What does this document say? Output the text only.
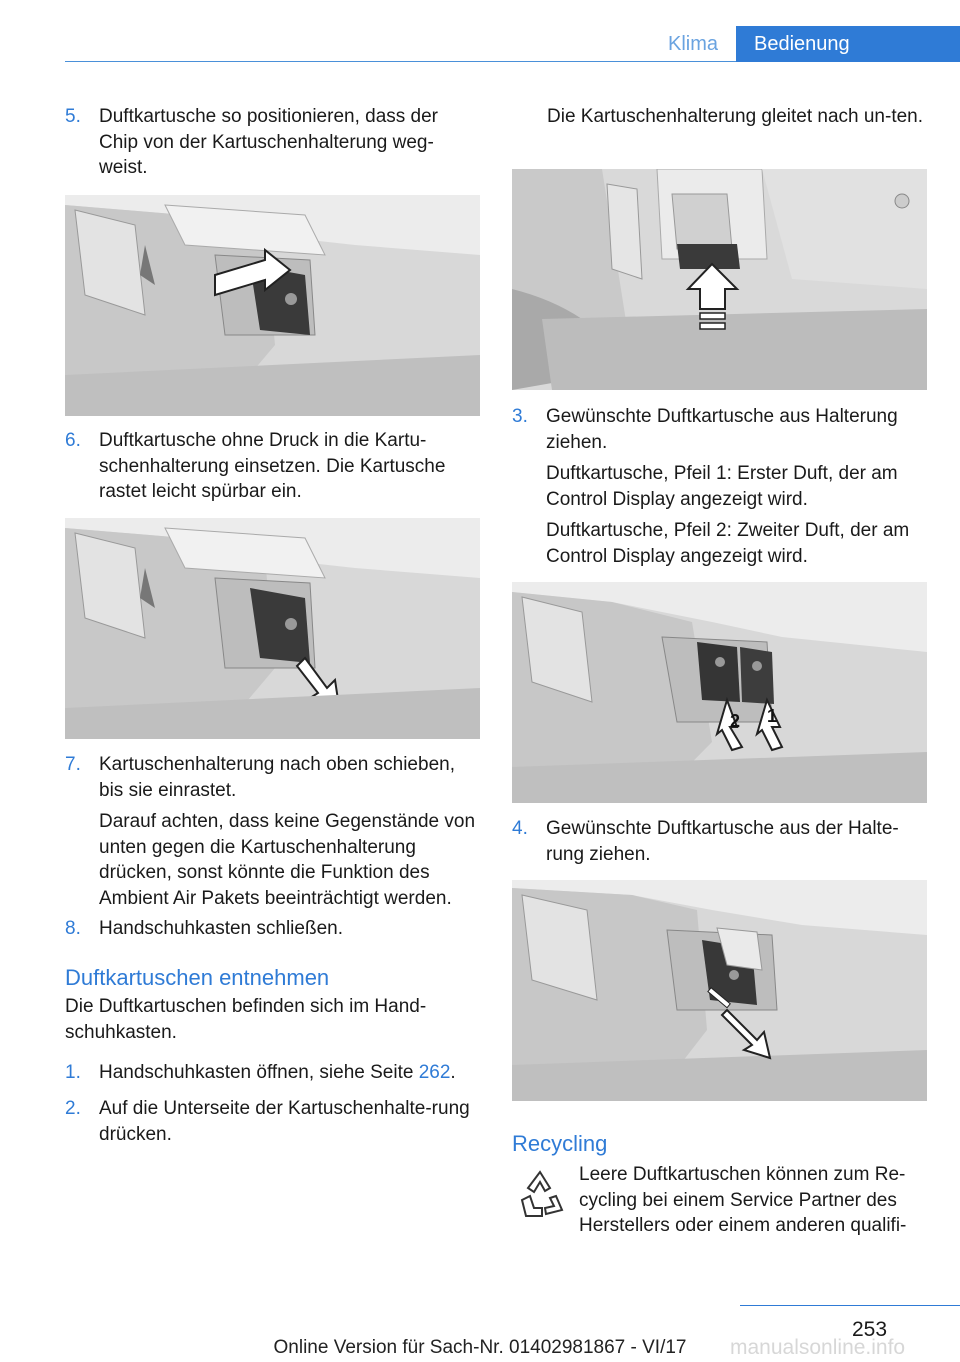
Klima	Bedienung
5. Duftkartusche so positionieren, dass der Chip von der Kartuschenhalterung weg‐weist.
6. Duftkartusche ohne Druck in die Kartu‐schenhalterung einsetzen. Die Kartusche rastet leicht spürbar ein.
7. Kartuschenhalterung nach oben schieben, bis sie einrastet.
Darauf achten, dass keine Gegenstände von unten gegen die Kartuschenhalterung drücken, sonst könnte die Funktion des Ambient Air Pakets beeinträchtigt werden.
8. Handschuhkasten schließen.
Duftkartuschen entnehmen
Die Duftkartuschen befinden sich im Hand‐schuhkasten.
1. Handschuhkasten öffnen, siehe Seite 262.
2. Auf die Unterseite der Kartuschenhalte‐rung drücken.
Die Kartuschenhalterung gleitet nach un‐ten.
3. Gewünschte Duftkartusche aus Halterung ziehen.
Duftkartusche, Pfeil 1: Erster Duft, der am Control Display angezeigt wird.
Duftkartusche, Pfeil 2: Zweiter Duft, der am Control Display angezeigt wird.
2 1
4. Gewünschte Duftkartusche aus der Halte‐rung ziehen.
Recycling
Leere Duftkartuschen können zum Re‐cycling bei einem Service Partner des Herstellers oder einem anderen qualifi‐
253
manualsonline.info
Online Version für Sach-Nr. 01402981867 - VI/17
